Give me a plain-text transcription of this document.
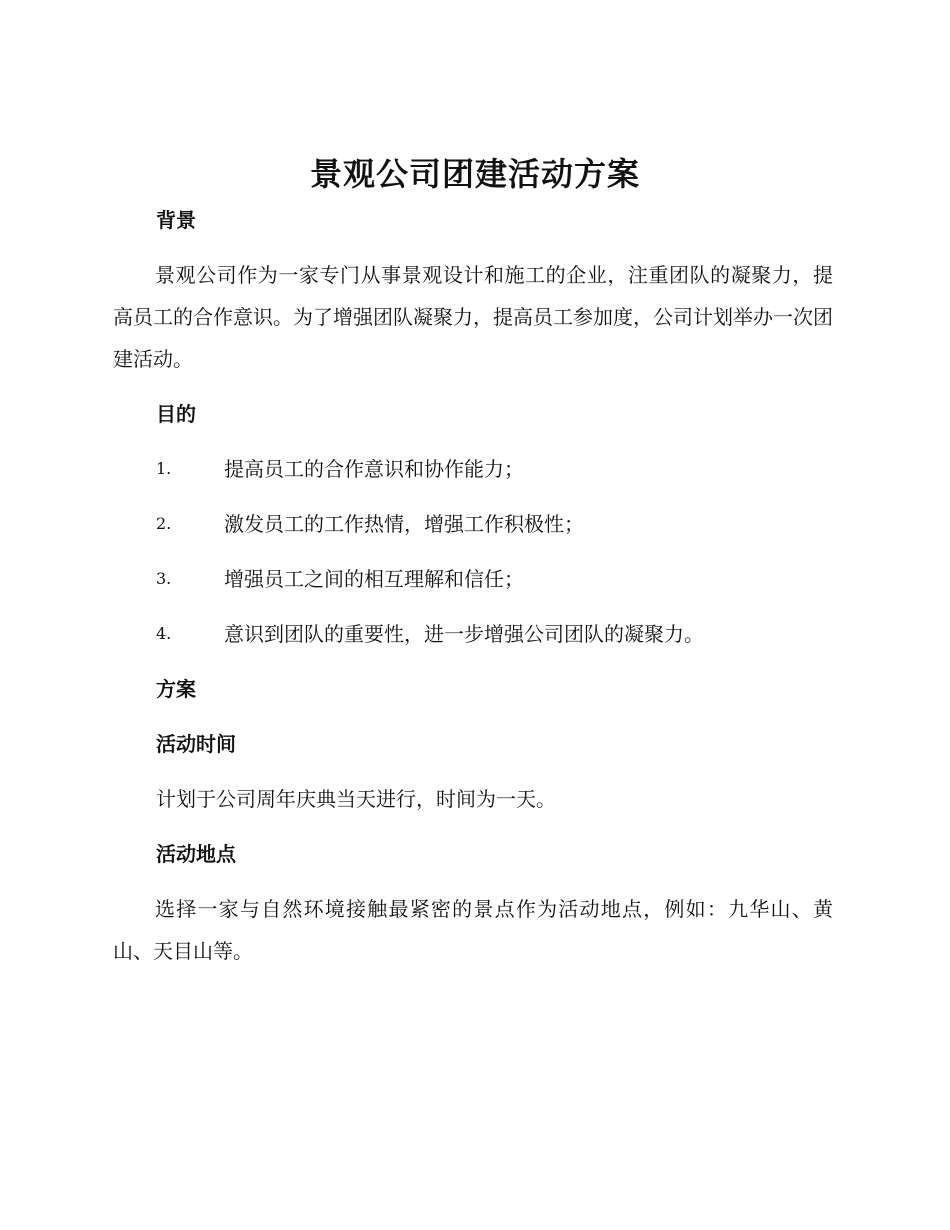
景观公司团建活动方案
背景
景观公司作为一家专门从事景观设计和施工的企业，注重团队的凝聚力，提高员工的合作意识。为了增强团队凝聚力，提高员工参加度，公司计划举办一次团建活动。
目的
1.	提高员工的合作意识和协作能力；
2.	激发员工的工作热情，增强工作积极性；
3.	增强员工之间的相互理解和信任；
4.	意识到团队的重要性，进一步增强公司团队的凝聚力。
方案
活动时间
计划于公司周年庆典当天进行，时间为一天。
活动地点
选择一家与自然环境接触最紧密的景点作为活动地点，例如：九华山、黄山、天目山等。
